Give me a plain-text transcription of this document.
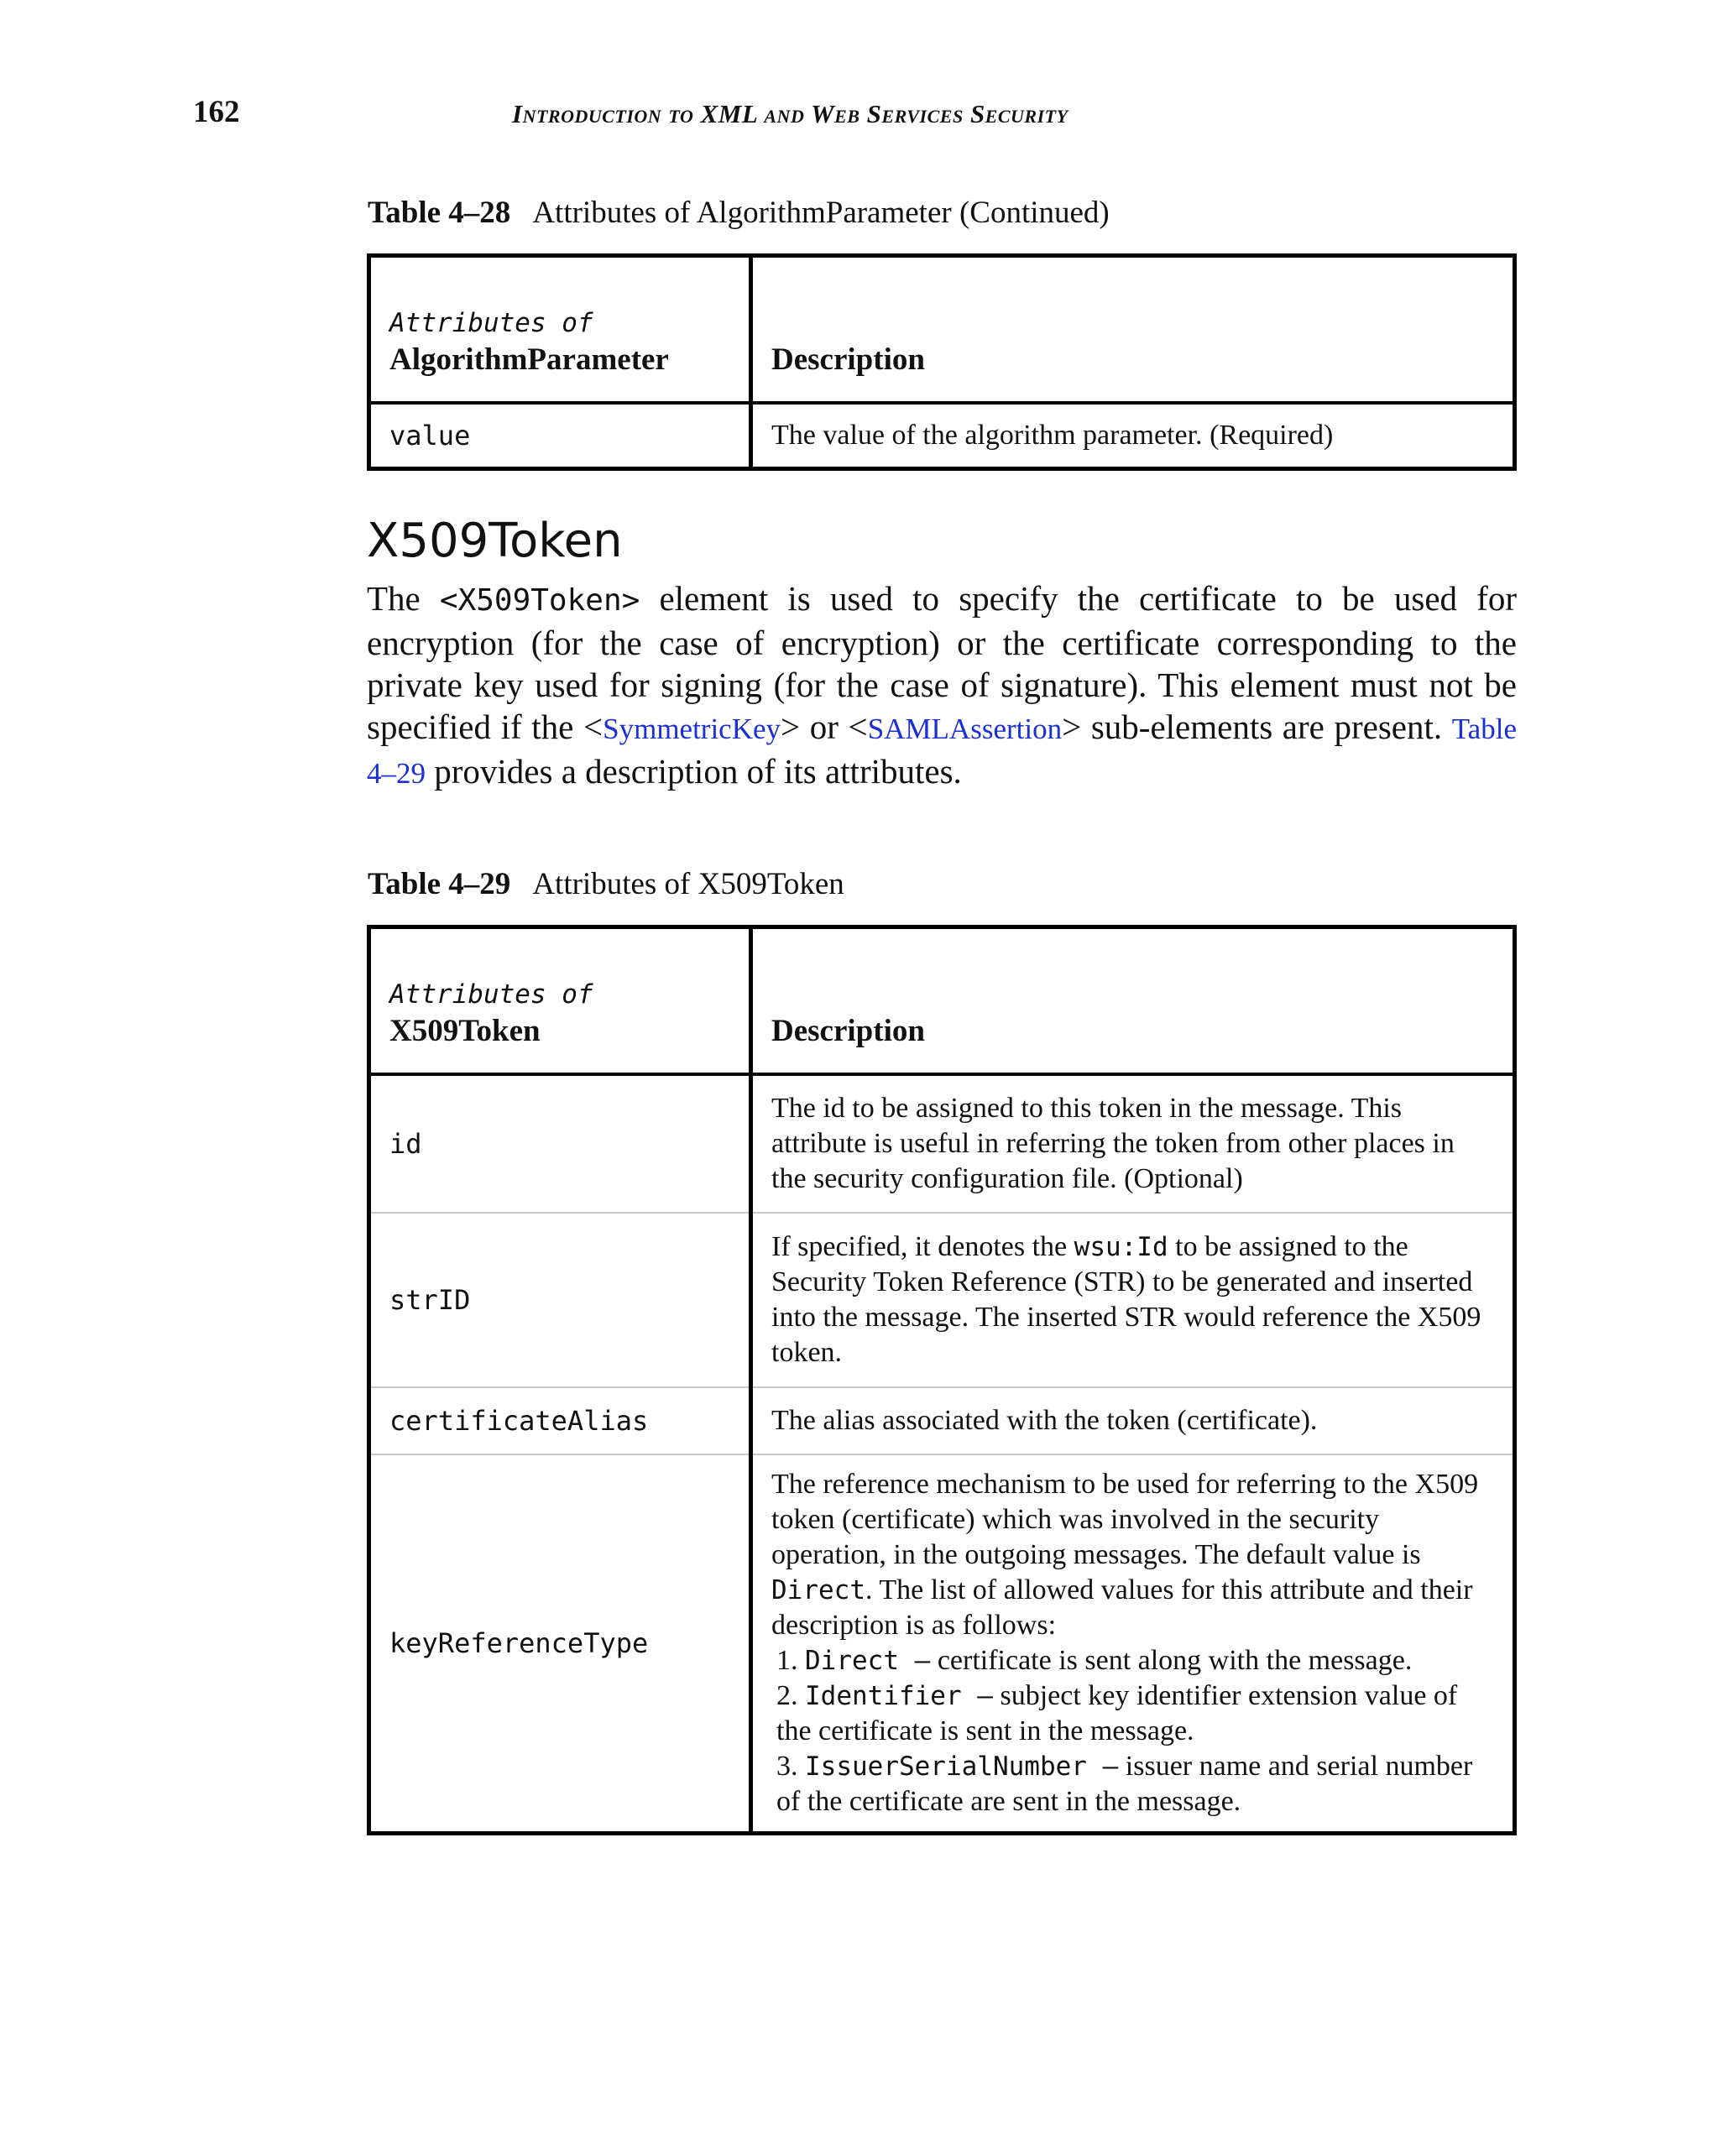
162	Introduction to XML and Web Services Security
Table 4–28 Attributes of AlgorithmParameter (Continued)
Attributes of
AlgorithmParameter	Description
value	The value of the algorithm parameter. (Required)
X509Token

The <X509Token> element is used to specify the certificate to be used for encryption (for the case of encryption) or the certificate corresponding to the private key used for signing (for the case of signature). This element must not be specified if the <SymmetricKey> or <SAMLAssertion> sub-elements are present. Table 4–29 provides a description of its attributes.

Table 4–29 Attributes of X509Token
Attributes of
X509Token	Description
id	The id to be assigned to this token in the message. This attribute is useful in referring the token from other places in the security configuration file. (Optional)
strID	If specified, it denotes the wsu:Id to be assigned to the Security Token Reference (STR) to be generated and inserted into the message. The inserted STR would reference the X509 token.
certificateAlias	The alias associated with the token (certificate).
keyReferenceType	The reference mechanism to be used for referring to the X509 token (certificate) which was involved in the security operation, in the outgoing messages. The default value is Direct. The list of allowed values for this attribute and their description is as follows:
1. Direct – certificate is sent along with the message.
2. Identifier – subject key identifier extension value of the certificate is sent in the message.
3. IssuerSerialNumber – issuer name and serial number of the certificate are sent in the message.
